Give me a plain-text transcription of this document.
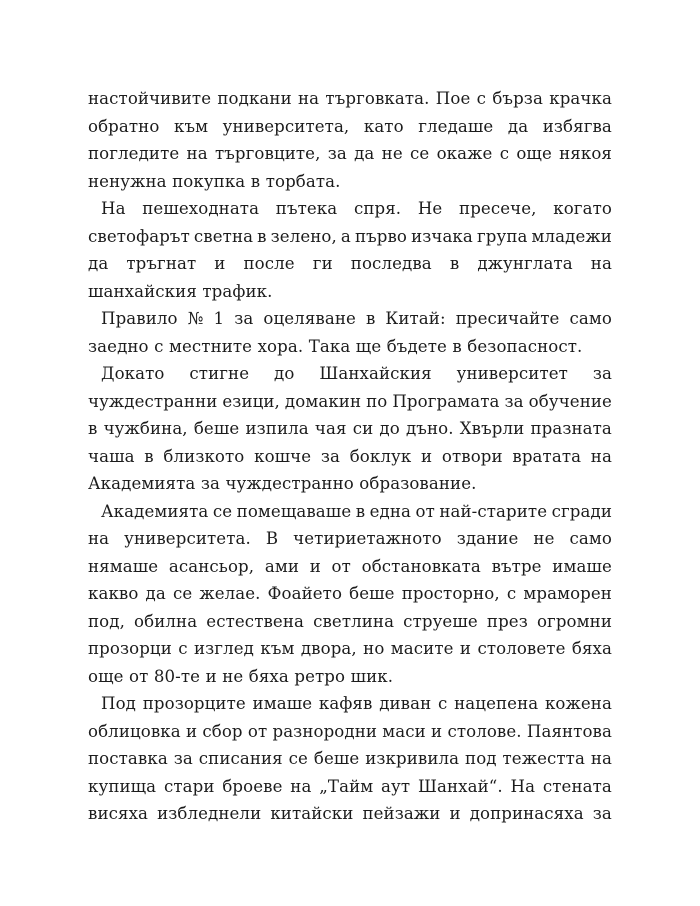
настойчивите подкани на търговката. Пое с бърза крачка
обратно към университета, като гледаше да избягва
погледите на търговците, за да не се окаже с още някоя
ненужна покупка в торбата.
На пешеходната пътека спря. Не пресече, когато
светофарът светна в зелено, а първо изчака група младежи
да тръгнат и после ги последва в джунглата на
шанхайския трафик.
Правило № 1 за оцеляване в Китай: пресичайте само
заедно с местните хора. Така ще бъдете в безопасност.
Докато стигне до Шанхайския университет за
чуждестранни езици, домакин по Програмата за обучение
в чужбина, беше изпила чая си до дъно. Хвърли празната
чаша в близкото кошче за боклук и отвори вратата на
Академията за чуждестранно образование.
Академията се помещаваше в една от най-старите сгради
на университета. В четириетажното здание не само
нямаше асансьор, ами и от обстановката вътре имаше
какво да се желае. Фоайето беше просторно, с мраморен
под, обилна естествена светлина струеше през огромни
прозорци с изглед към двора, но масите и столовете бяха
още от 80-те и не бяха ретро шик.
Под прозорците имаше кафяв диван с нацепена кожена
облицовка и сбор от разнородни маси и столове. Паянтова
поставка за списания се беше изкривила под тежестта на
купища стари броеве на „Тайм аут Шанхай“. На стената
висяха избледнели китайски пейзажи и допринасяха за
